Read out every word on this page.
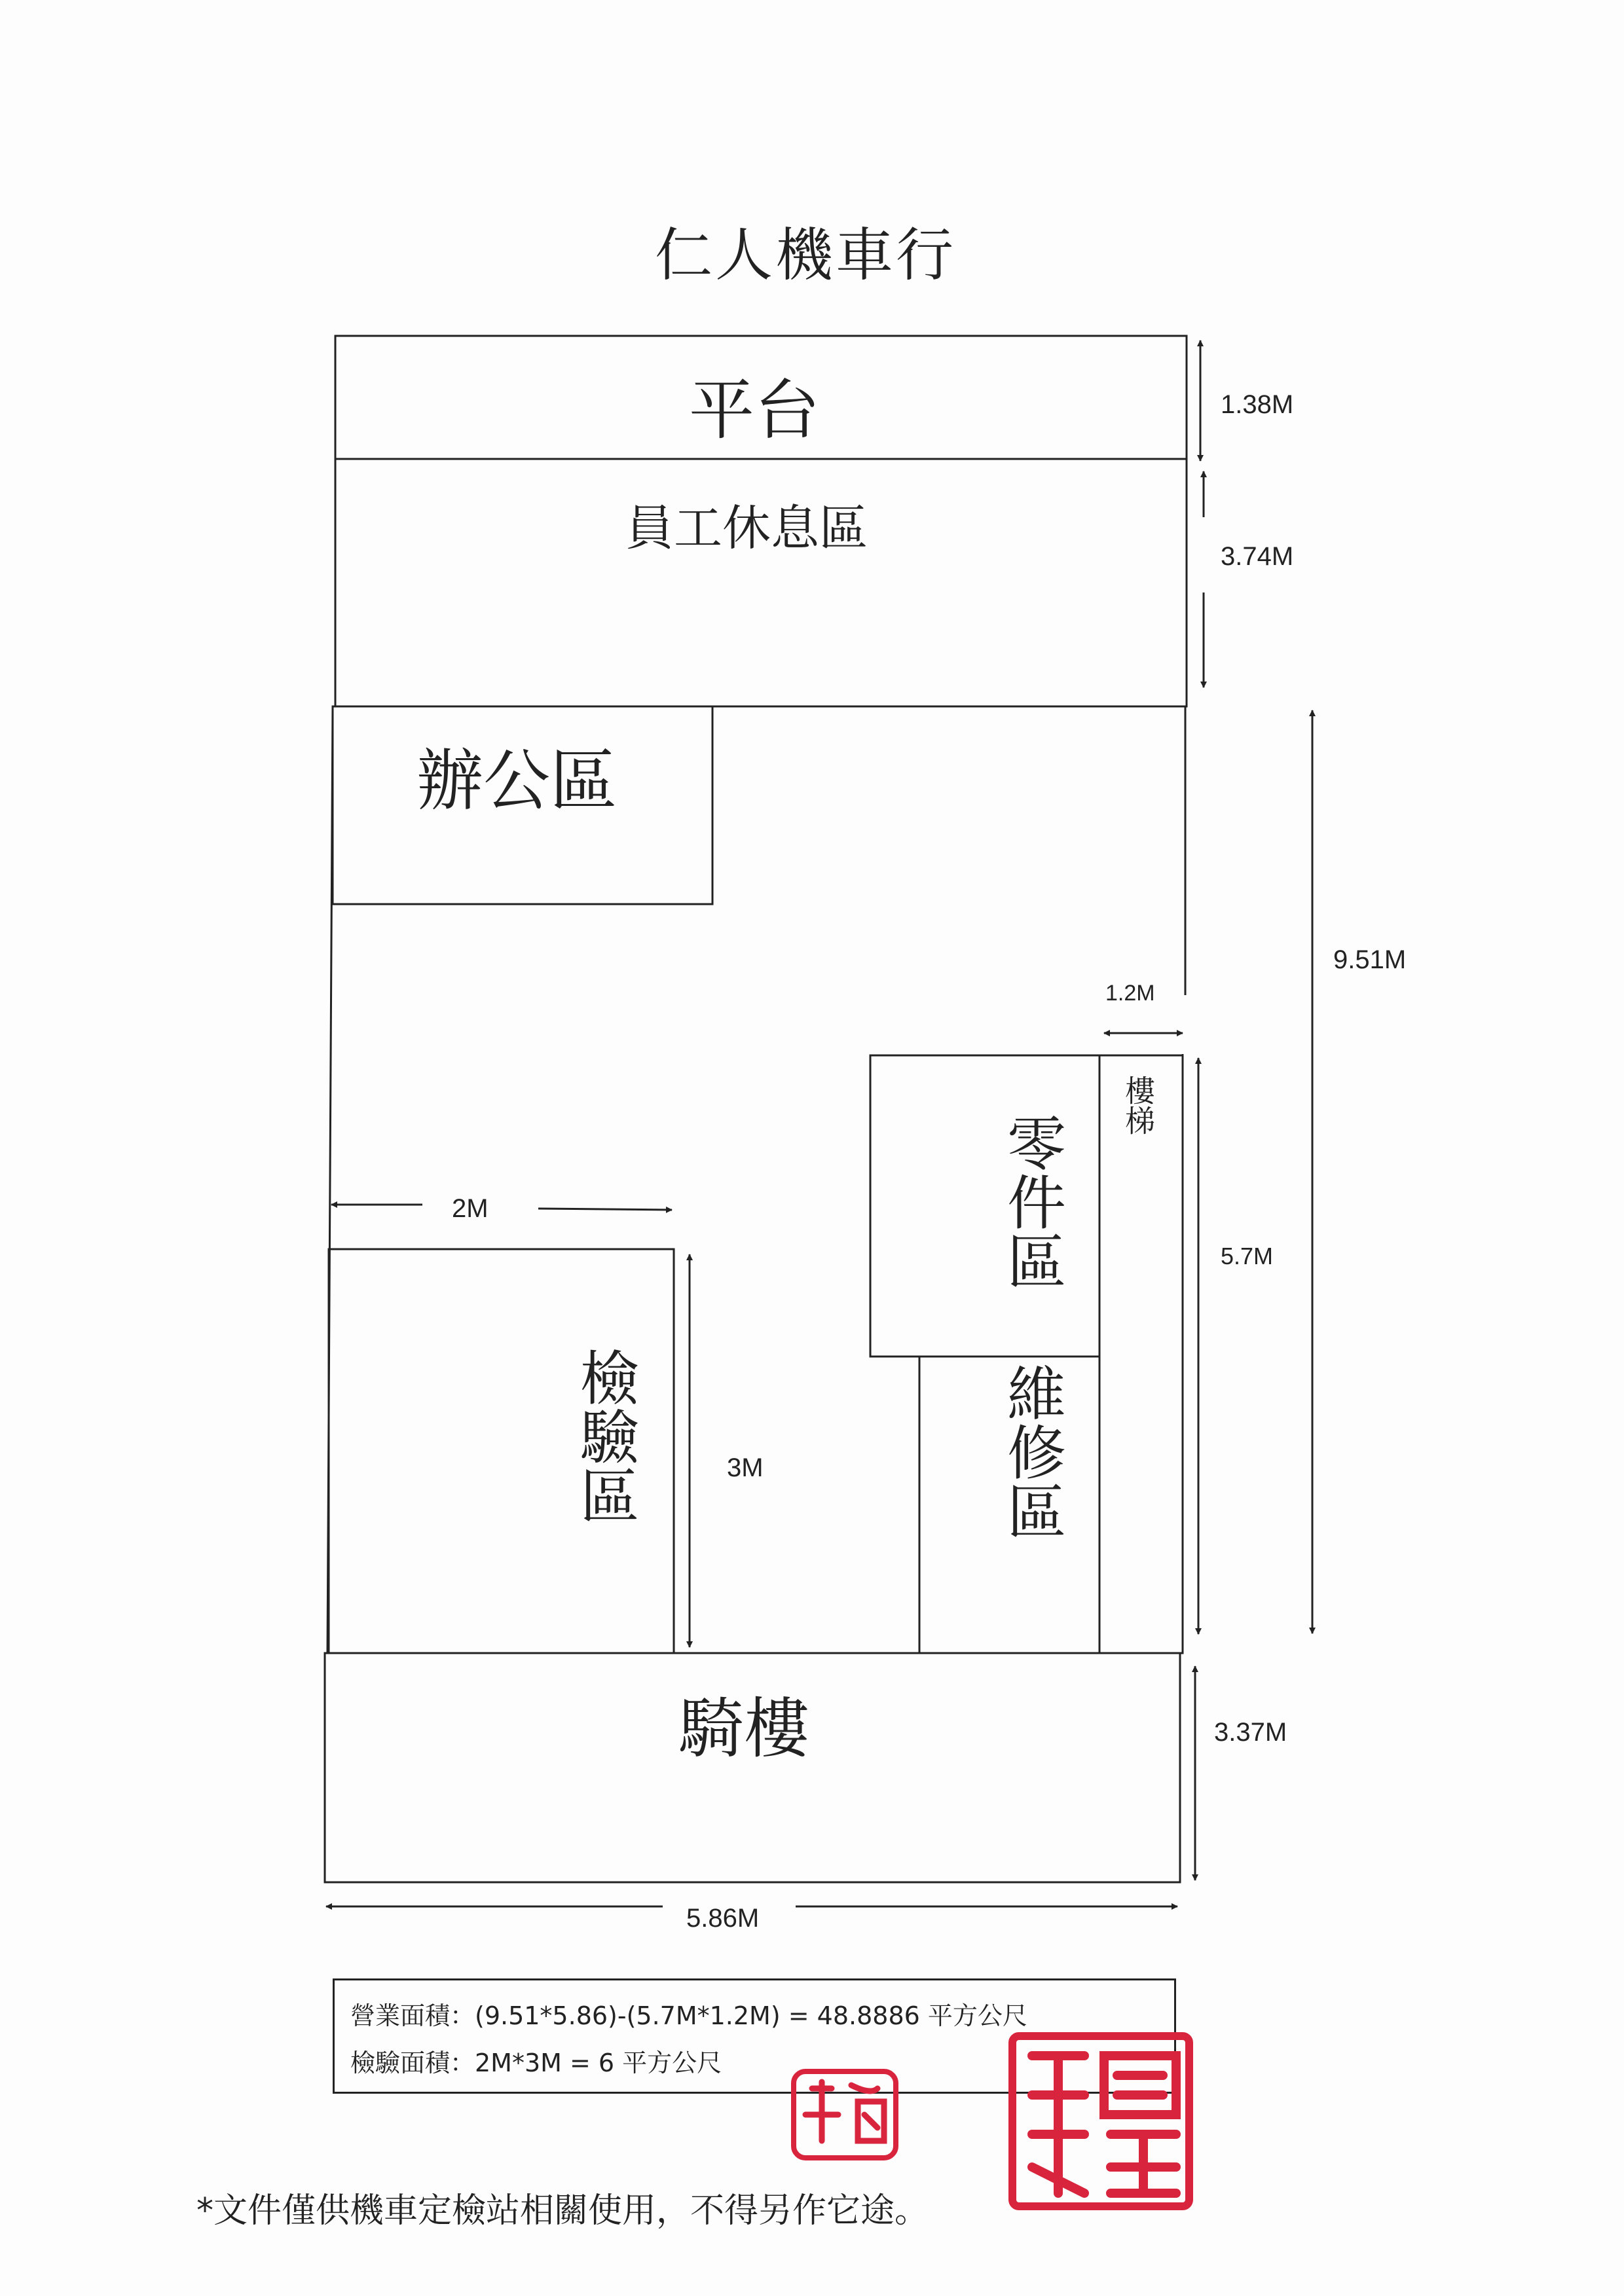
仁人機車行
平台
員工休息區
辦公區
零件區
樓梯
維修區
檢驗區
騎樓
1.38M
3.74M
9.51M
1.2M
5.7M
2M
3M
3.37M
5.86M
營業面積：(9.51*5.86)-(5.7M*1.2M) = 48.8886 平方公尺
檢驗面積：2M*3M = 6 平方公尺
*文件僅供機車定檢站相關使用，不得另作它途。
